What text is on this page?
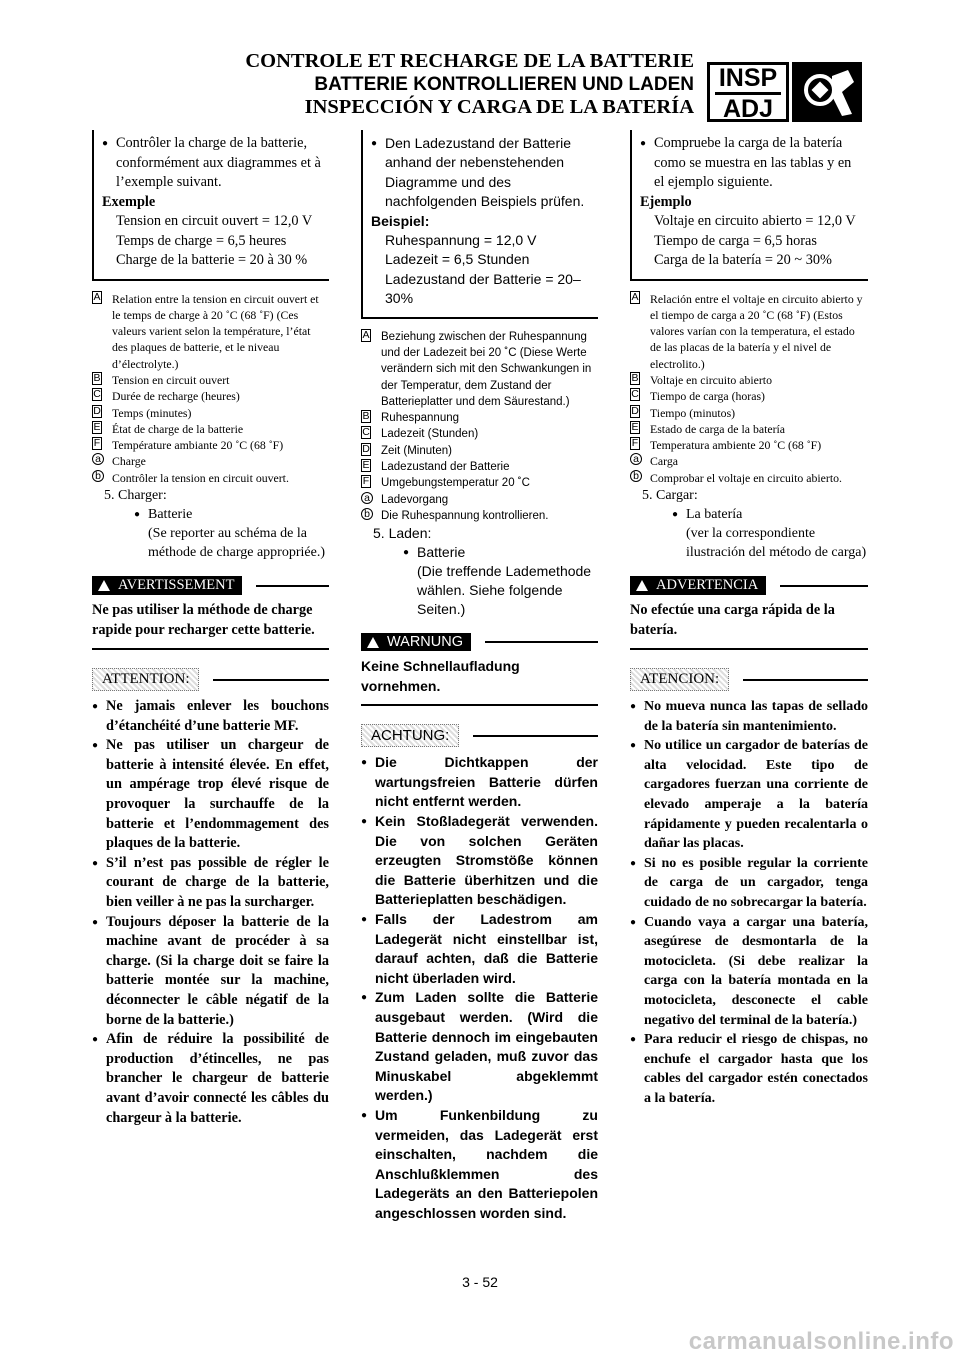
CONTROLE ET RECHARGE DE LA BATTERIE
BATTERIE KONTROLLIEREN UND LADEN
INSPECCIÓN Y CARGA DE LA BATERÍA
INSP
ADJ
● Contrôler la charge de la batterie, conformément aux diagrammes et à l’exemple suivant.
Exemple
Tension en circuit ouvert = 12,0 V
Temps de charge = 6,5 heures
Charge de la batterie = 20 à 30 %
A Relation entre la tension en circuit ouvert et le temps de charge à 20 ˚C (68 ˚F) (Ces valeurs varient selon la température, l’état des plaques de batterie, et le niveau d’électrolyte.)
B Tension en circuit ouvert
C Durée de recharge (heures)
D Temps (minutes)
E État de charge de la batterie
F Température ambiante 20 ˚C (68 ˚F)
a Charge
b Contrôler la tension en circuit ouvert.
5. Charger:
● Batterie
(Se reporter au schéma de la méthode de charge appropriée.)
AVERTISSEMENT
Ne pas utiliser la méthode de charge rapide pour recharger cette batterie.
ATTENTION:
● Ne jamais enlever les bouchons d’étanchéité d’une batterie MF.
● Ne pas utiliser un chargeur de batterie à intensité élevée. En effet, un ampérage trop élevé risque de provoquer la surchauffe de la batterie et l’endommagement des plaques de la batterie.
● S’il n’est pas possible de régler le courant de charge de la batterie, bien veiller à ne pas la surcharger.
● Toujours déposer la batterie de la machine avant de procéder à sa charge. (Si la charge doit se faire la batterie montée sur la machine, déconnecter le câble négatif de la borne de la batterie.)
● Afin de réduire la possibilité de production d’étincelles, ne pas brancher le chargeur de batterie avant d’avoir connecté les câbles du chargeur à la batterie.
● Den Ladezustand der Batterie anhand der nebenstehenden Diagramme und des nachfolgenden Beispiels prüfen.
Beispiel:
Ruhespannung = 12,0 V
Ladezeit = 6,5 Stunden
Ladezustand der Batterie = 20–30%
A Beziehung zwischen der Ruhespannung und der Ladezeit bei 20 ˚C (Diese Werte verändern sich mit den Schwankungen in der Temperatur, dem Zustand der Batterieplatter und dem Säurestand.)
B Ruhespannung
C Ladezeit (Stunden)
D Zeit (Minuten)
E Ladezustand der Batterie
F Umgebungstemperatur 20 ˚C
a Ladevorgang
b Die Ruhespannung kontrollieren.
5. Laden:
● Batterie
(Die treffende Lademethode wählen. Siehe folgende Seiten.)
WARNUNG
Keine Schnellaufladung vornehmen.
ACHTUNG:
● Die Dichtkappen der wartungsfreien Batterie dürfen nicht entfernt werden.
● Kein Stoßladegerät verwenden. Die von solchen Geräten erzeugten Stromstöße können die Batterie überhitzen und die Batterieplatten beschädigen.
● Falls der Ladestrom am Ladegerät nicht einstellbar ist, darauf achten, daß die Batterie nicht überladen wird.
● Zum Laden sollte die Batterie ausgebaut werden. (Wird die Batterie dennoch im eingebauten Zustand geladen, muß zuvor das Minuskabel abgeklemmt werden.)
● Um Funkenbildung zu vermeiden, das Ladegerät erst einschalten, nachdem die Anschlußklemmen des Ladegeräts an den Batteriepolen angeschlossen worden sind.
● Compruebe la carga de la batería como se muestra en las tablas y en el ejemplo siguiente.
Ejemplo
Voltaje en circuito abierto = 12,0 V
Tiempo de carga = 6,5 horas
Carga de la batería = 20 ~ 30%
A Relación entre el voltaje en circuito abierto y el tiempo de carga a 20 ˚C (68 ˚F) (Estos valores varían con la temperatura, el estado de las placas de la batería y el nivel de electrolito.)
B Voltaje en circuito abierto
C Tiempo de carga (horas)
D Tiempo (minutos)
E Estado de carga de la batería
F Temperatura ambiente 20 ˚C (68 ˚F)
a Carga
b Comprobar el voltaje en circuito abierto.
5. Cargar:
● La batería
(ver la correspondiente ilustración del método de carga)
ADVERTENCIA
No efectúe una carga rápida de la batería.
ATENCION:
● No mueva nunca las tapas de sellado de la batería sin mantenimiento.
● No utilice un cargador de baterías de alta velocidad. Este tipo de cargadores fuerzan una corriente de elevado amperaje a la batería rápidamente y pueden recalentarla o dañar las placas.
● Si no es posible regular la corriente de carga de un cargador, tenga cuidado de no sobrecargar la batería.
● Cuando vaya a cargar una batería, asegúrese de desmontarla de la motocicleta. (Si debe realizar la carga con la batería montada en la motocicleta, desconecte el cable negativo del terminal de la batería.)
● Para reducir el riesgo de chispas, no enchufe el cargador hasta que los cables del cargador estén conectados a la batería.
3 - 52
carmanualsonline.info
